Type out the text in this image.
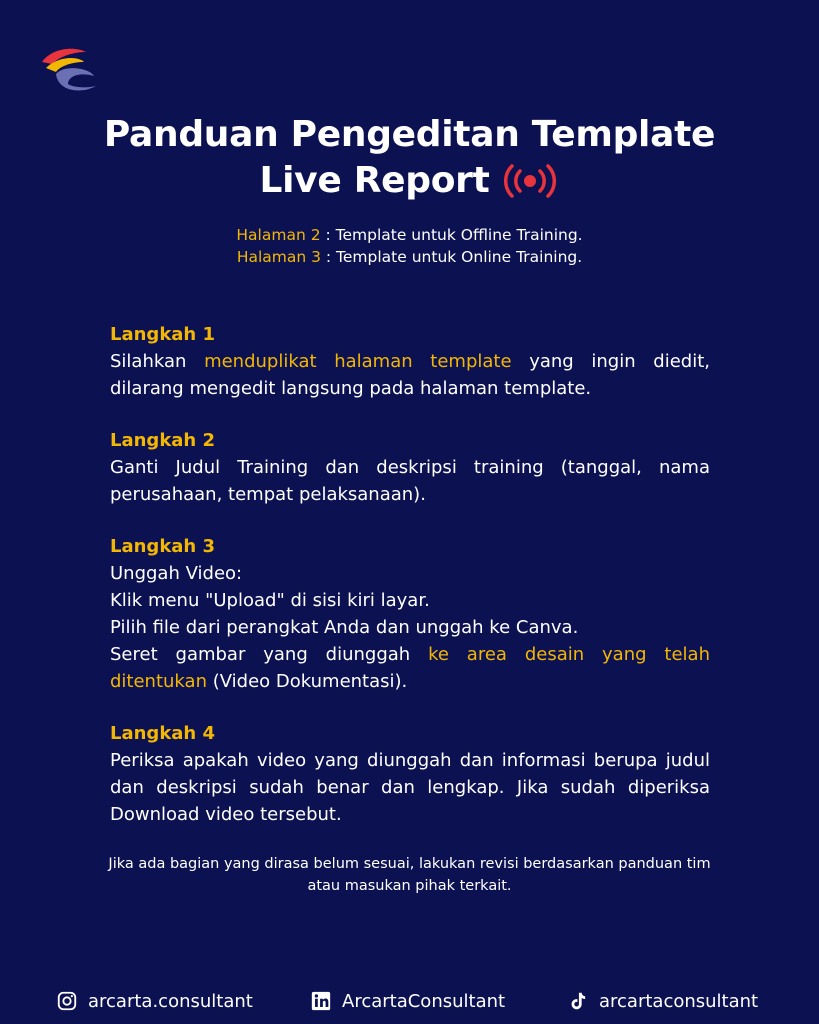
Panduan Pengeditan Template
Live Report
Halaman 2 : Template untuk Offline Training.
Halaman 3 : Template untuk Online Training.
Langkah 1

Silahkan menduplikat halaman template yang ingin diedit, dilarang mengedit langsung pada halaman template.

Langkah 2

Ganti Judul Training dan deskripsi training (tanggal, nama perusahaan, tempat pelaksanaan).

Langkah 3

Unggah Video:

Klik menu "Upload" di sisi kiri layar.

Pilih file dari perangkat Anda dan unggah ke Canva.

Seret gambar yang diunggah ke area desain yang telah ditentukan (Video Dokumentasi).

Langkah 4

Periksa apakah video yang diunggah dan informasi berupa judul dan deskripsi sudah benar dan lengkap. Jika sudah diperiksa Download video tersebut.

Jika ada bagian yang dirasa belum sesuai, lakukan revisi berdasarkan panduan tim atau masukan pihak terkait.
arcarta.consultant	ArcartaConsultant	arcartaconsultant
